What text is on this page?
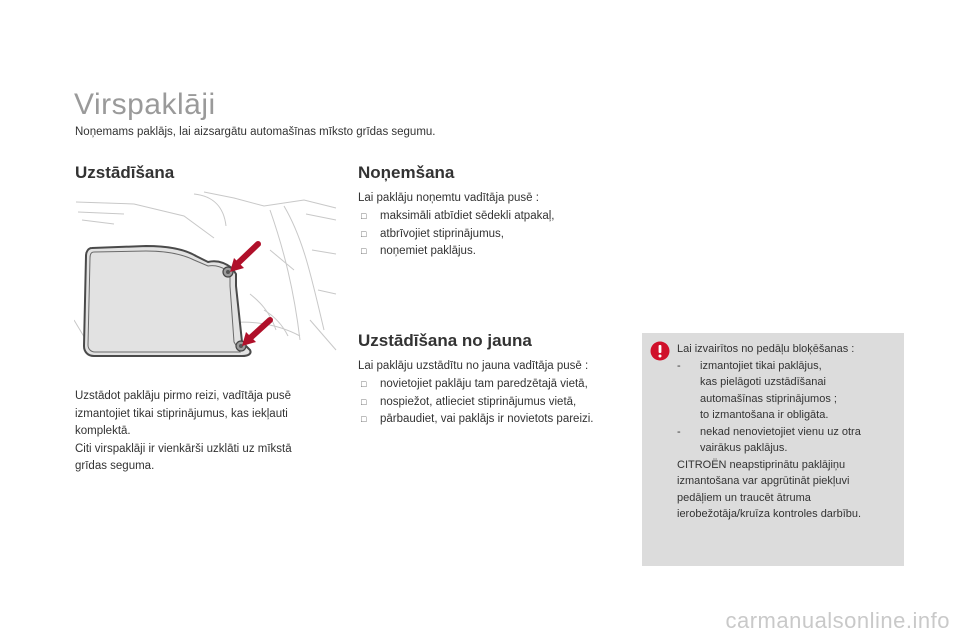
Virspaklāji
Noņemams paklājs, lai aizsargātu automašīnas mīksto grīdas segumu.
Uzstādīšana
Uzstādot paklāju pirmo reizi, vadītāja pusē izmantojiet tikai stiprinājumus, kas iekļauti komplektā.
Citi virspaklāji ir vienkārši uzklāti uz mīkstā grīdas seguma.
Noņemšana
Lai paklāju noņemtu vadītāja pusē :
□ maksimāli atbīdiet sēdekli atpakaļ,
□ atbrīvojiet stiprinājumus,
□ noņemiet paklājus.
Uzstādīšana no jauna
Lai paklāju uzstādītu no jauna vadītāja pusē :
□ novietojiet paklāju tam paredzētajā vietā,
□ nospiežot, atlieciet stiprinājumus vietā,
□ pārbaudiet, vai paklājs ir novietots pareizi.
Lai izvairītos no pedāļu bloķēšanas :
- izmantojiet tikai paklājus,
kas pielāgoti uzstādīšanai
automašīnas stiprinājumos ;
to izmantošana ir obligāta.
- nekad nenovietojiet vienu uz otra
vairākus paklājus.
CITROËN neapstiprinātu paklājiņu
izmantošana var apgrūtināt piekļuvi
pedāļiem un traucēt ātruma
ierobežotāja/kruīza kontroles darbību.
carmanualsonline.info
